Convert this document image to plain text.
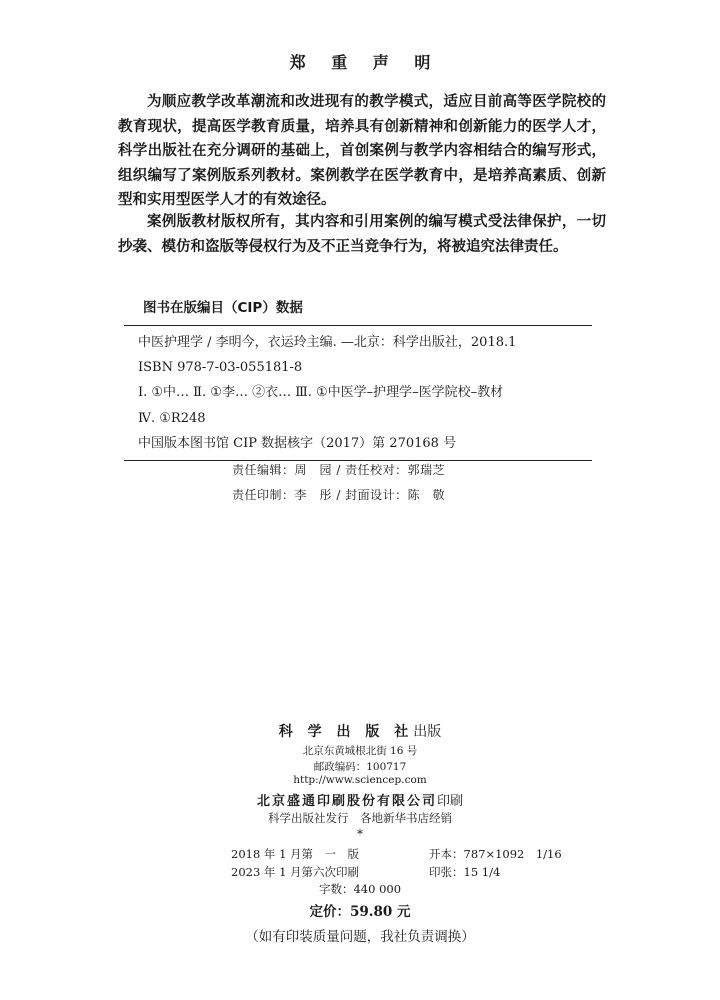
郑 重 声 明

为顺应教学改革潮流和改进现有的教学模式，适应目前高等医学院校的教育现状，提高医学教育质量，培养具有创新精神和创新能力的医学人才，科学出版社在充分调研的基础上，首创案例与教学内容相结合的编写形式，组织编写了案例版系列教材。案例教学在医学教育中，是培养高素质、创新型和实用型医学人才的有效途径。

案例版教材版权所有，其内容和引用案例的编写模式受法律保护，一切抄袭、模仿和盗版等侵权行为及不正当竞争行为，将被追究法律责任。

图书在版编目（CIP）数据
中医护理学 / 李明今，衣运玲主编. —北京：科学出版社，2018.1
ISBN 978-7-03-055181-8
Ⅰ. ①中… Ⅱ. ①李… ②衣… Ⅲ. ①中医学–护理学–医学院校–教材
Ⅳ. ①R248
中国版本图书馆 CIP 数据核字（2017）第 270168 号
责任编辑：周　园 / 责任校对：郭瑞芝
责任印制：李　彤 / 封面设计：陈　敬
科 学 出 版 社出版
北京东黄城根北街 16 号
邮政编码：100717
http://www.sciencep.com
北京盛通印刷股份有限公司印刷
科学出版社发行　各地新华书店经销
*
2018 年 1 月第　一　版	开本：787×1092　1/16
2023 年 1 月第六次印刷	印张：15 1/4
字数：440 000
定价：59.80 元
（如有印装质量问题，我社负责调换）
